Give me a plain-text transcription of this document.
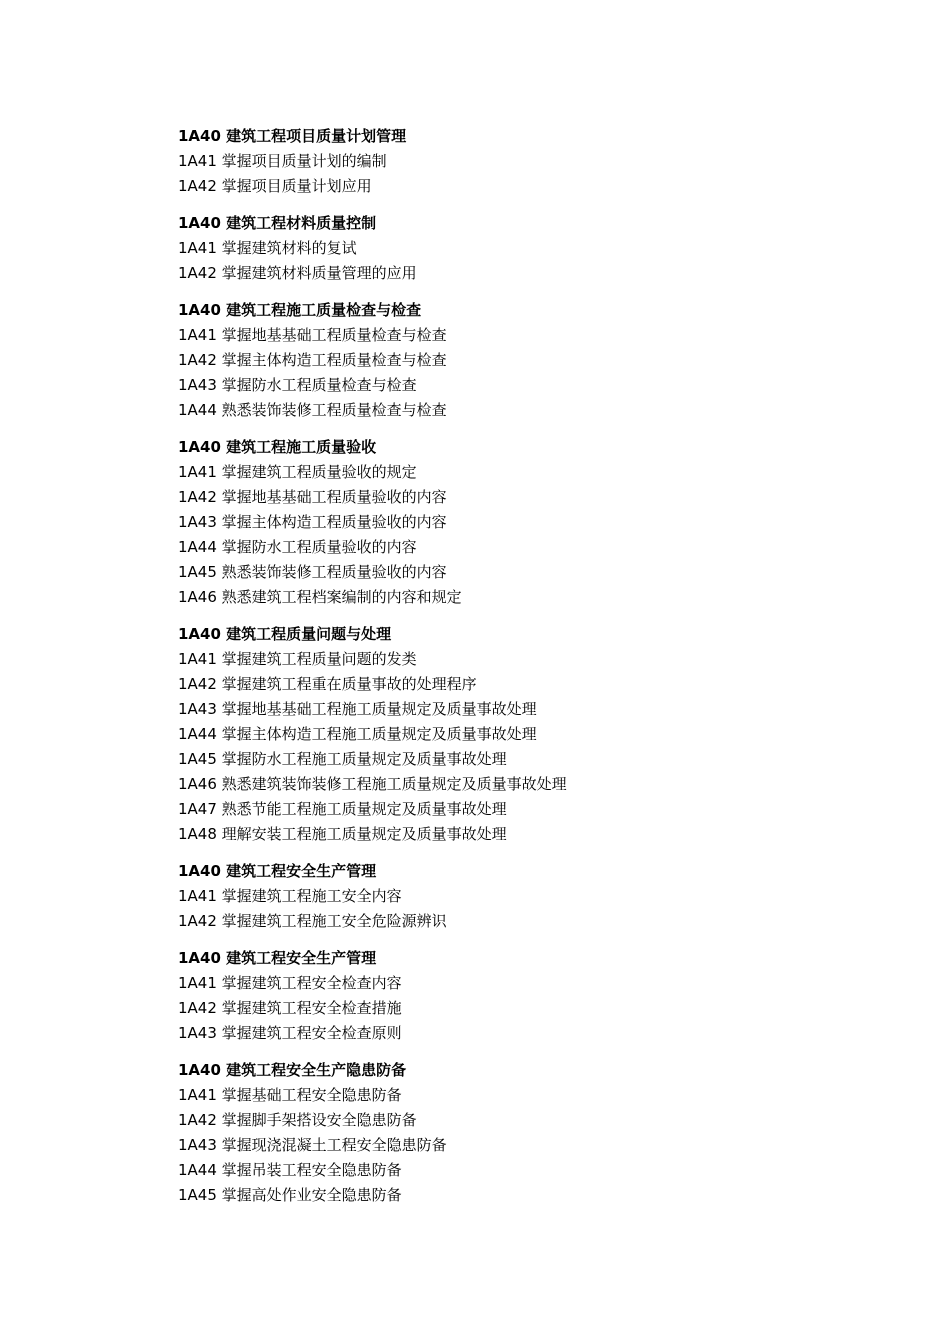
1A40 建筑工程项目质量计划管理
1A41 掌握项目质量计划的编制
1A42 掌握项目质量计划应用
1A40 建筑工程材料质量控制
1A41 掌握建筑材料的复试
1A42 掌握建筑材料质量管理的应用
1A40 建筑工程施工质量检查与检查
1A41 掌握地基基础工程质量检查与检查
1A42 掌握主体构造工程质量检查与检查
1A43 掌握防水工程质量检查与检查
1A44 熟悉装饰装修工程质量检查与检查
1A40 建筑工程施工质量验收
1A41 掌握建筑工程质量验收的规定
1A42 掌握地基基础工程质量验收的内容
1A43 掌握主体构造工程质量验收的内容
1A44 掌握防水工程质量验收的内容
1A45 熟悉装饰装修工程质量验收的内容
1A46 熟悉建筑工程档案编制的内容和规定
1A40 建筑工程质量问题与处理
1A41 掌握建筑工程质量问题的发类
1A42 掌握建筑工程重在质量事故的处理程序
1A43 掌握地基基础工程施工质量规定及质量事故处理
1A44 掌握主体构造工程施工质量规定及质量事故处理
1A45 掌握防水工程施工质量规定及质量事故处理
1A46 熟悉建筑装饰装修工程施工质量规定及质量事故处理
1A47 熟悉节能工程施工质量规定及质量事故处理
1A48 理解安装工程施工质量规定及质量事故处理
1A40 建筑工程安全生产管理
1A41 掌握建筑工程施工安全内容
1A42 掌握建筑工程施工安全危险源辨识
1A40 建筑工程安全生产管理
1A41 掌握建筑工程安全检查内容
1A42 掌握建筑工程安全检查措施
1A43 掌握建筑工程安全检查原则
1A40 建筑工程安全生产隐患防备
1A41 掌握基础工程安全隐患防备
1A42 掌握脚手架搭设安全隐患防备
1A43 掌握现浇混凝土工程安全隐患防备
1A44 掌握吊装工程安全隐患防备
1A45 掌握高处作业安全隐患防备
